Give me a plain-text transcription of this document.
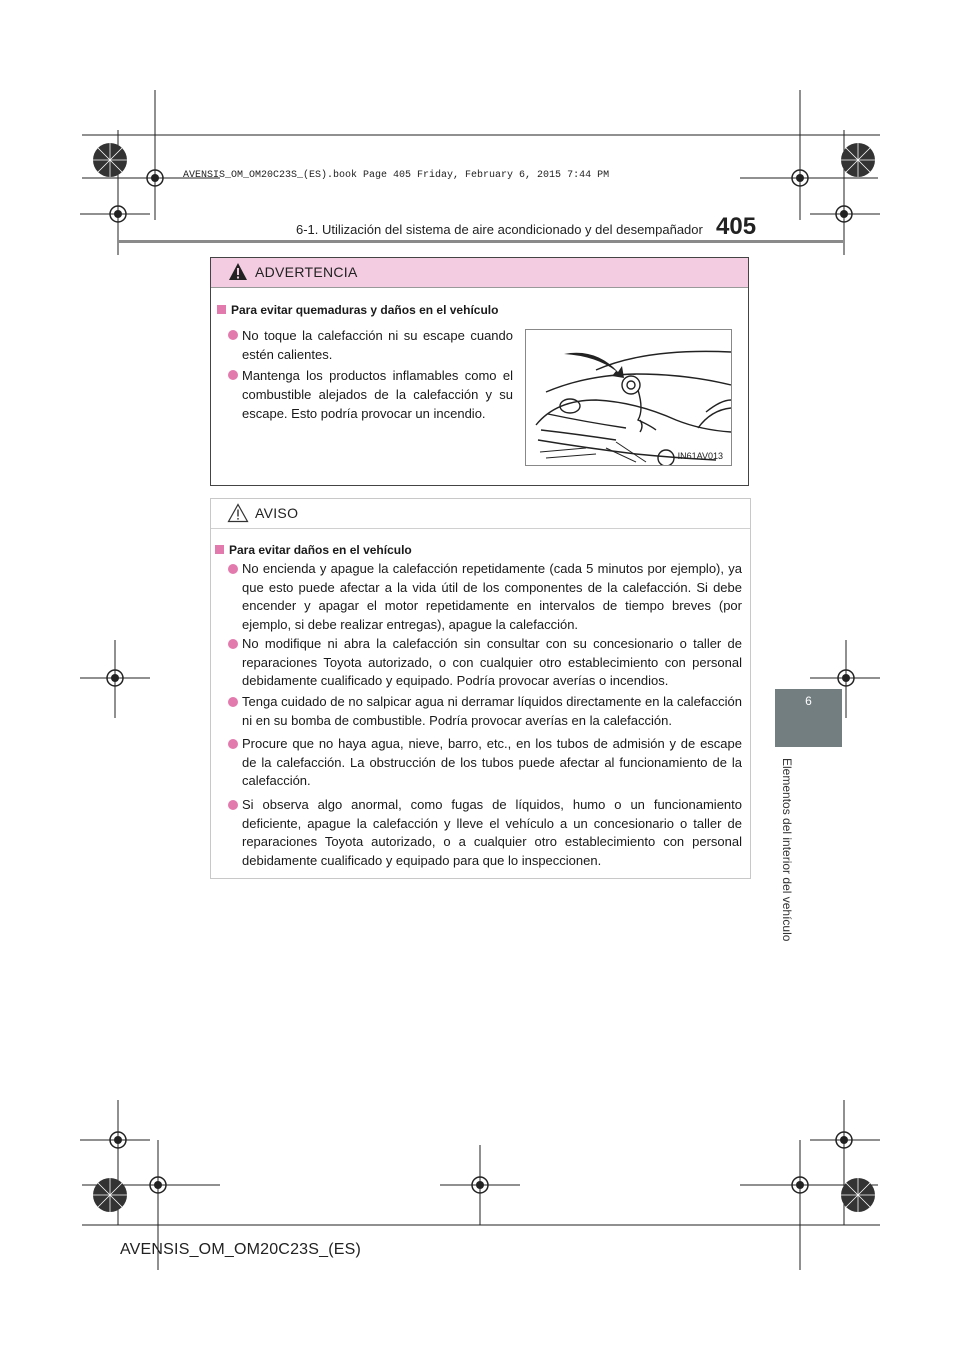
AVENSIS_OM_OM20C23S_(ES).book Page 405 Friday, February 6, 2015 7:44 PM
6-1. Utilización del sistema de aire acondicionado y del desempañador 405
6
Elementos del interior del vehículo
ADVERTENCIA
Para evitar quemaduras y daños en el vehículo
No toque la calefacción ni su escape cuando estén calientes.
Mantenga los productos inflamables como el combustible alejados de la calefacción y su escape. Esto podría provocar un incendio.
IN61AV013
AVISO
Para evitar daños en el vehículo
No encienda y apague la calefacción repetidamente (cada 5 minutos por ejemplo), ya que esto puede afectar a la vida útil de los componentes de la calefacción. Si debe encender y apagar el motor repetidamente en intervalos de tiempo breves (por ejemplo, si debe realizar entregas), apague la calefacción.
No modifique ni abra la calefacción sin consultar con su concesionario o taller de reparaciones Toyota autorizado, o con cualquier otro establecimiento con personal debidamente cualificado y equipado. Podría provocar averías o incendios.
Tenga cuidado de no salpicar agua ni derramar líquidos directamente en la calefacción ni en su bomba de combustible. Podría provocar averías en la calefacción.
Procure que no haya agua, nieve, barro, etc., en los tubos de admisión y de escape de la calefacción. La obstrucción de los tubos puede afectar al funcionamiento de la calefacción.
Si observa algo anormal, como fugas de líquidos, humo o un funcionamiento deficiente, apague la calefacción y lleve el vehículo a un concesionario o taller de reparaciones Toyota autorizado, o a cualquier otro establecimiento con personal debidamente cualificado y equipado para que lo inspeccionen.
AVENSIS_OM_OM20C23S_(ES)
